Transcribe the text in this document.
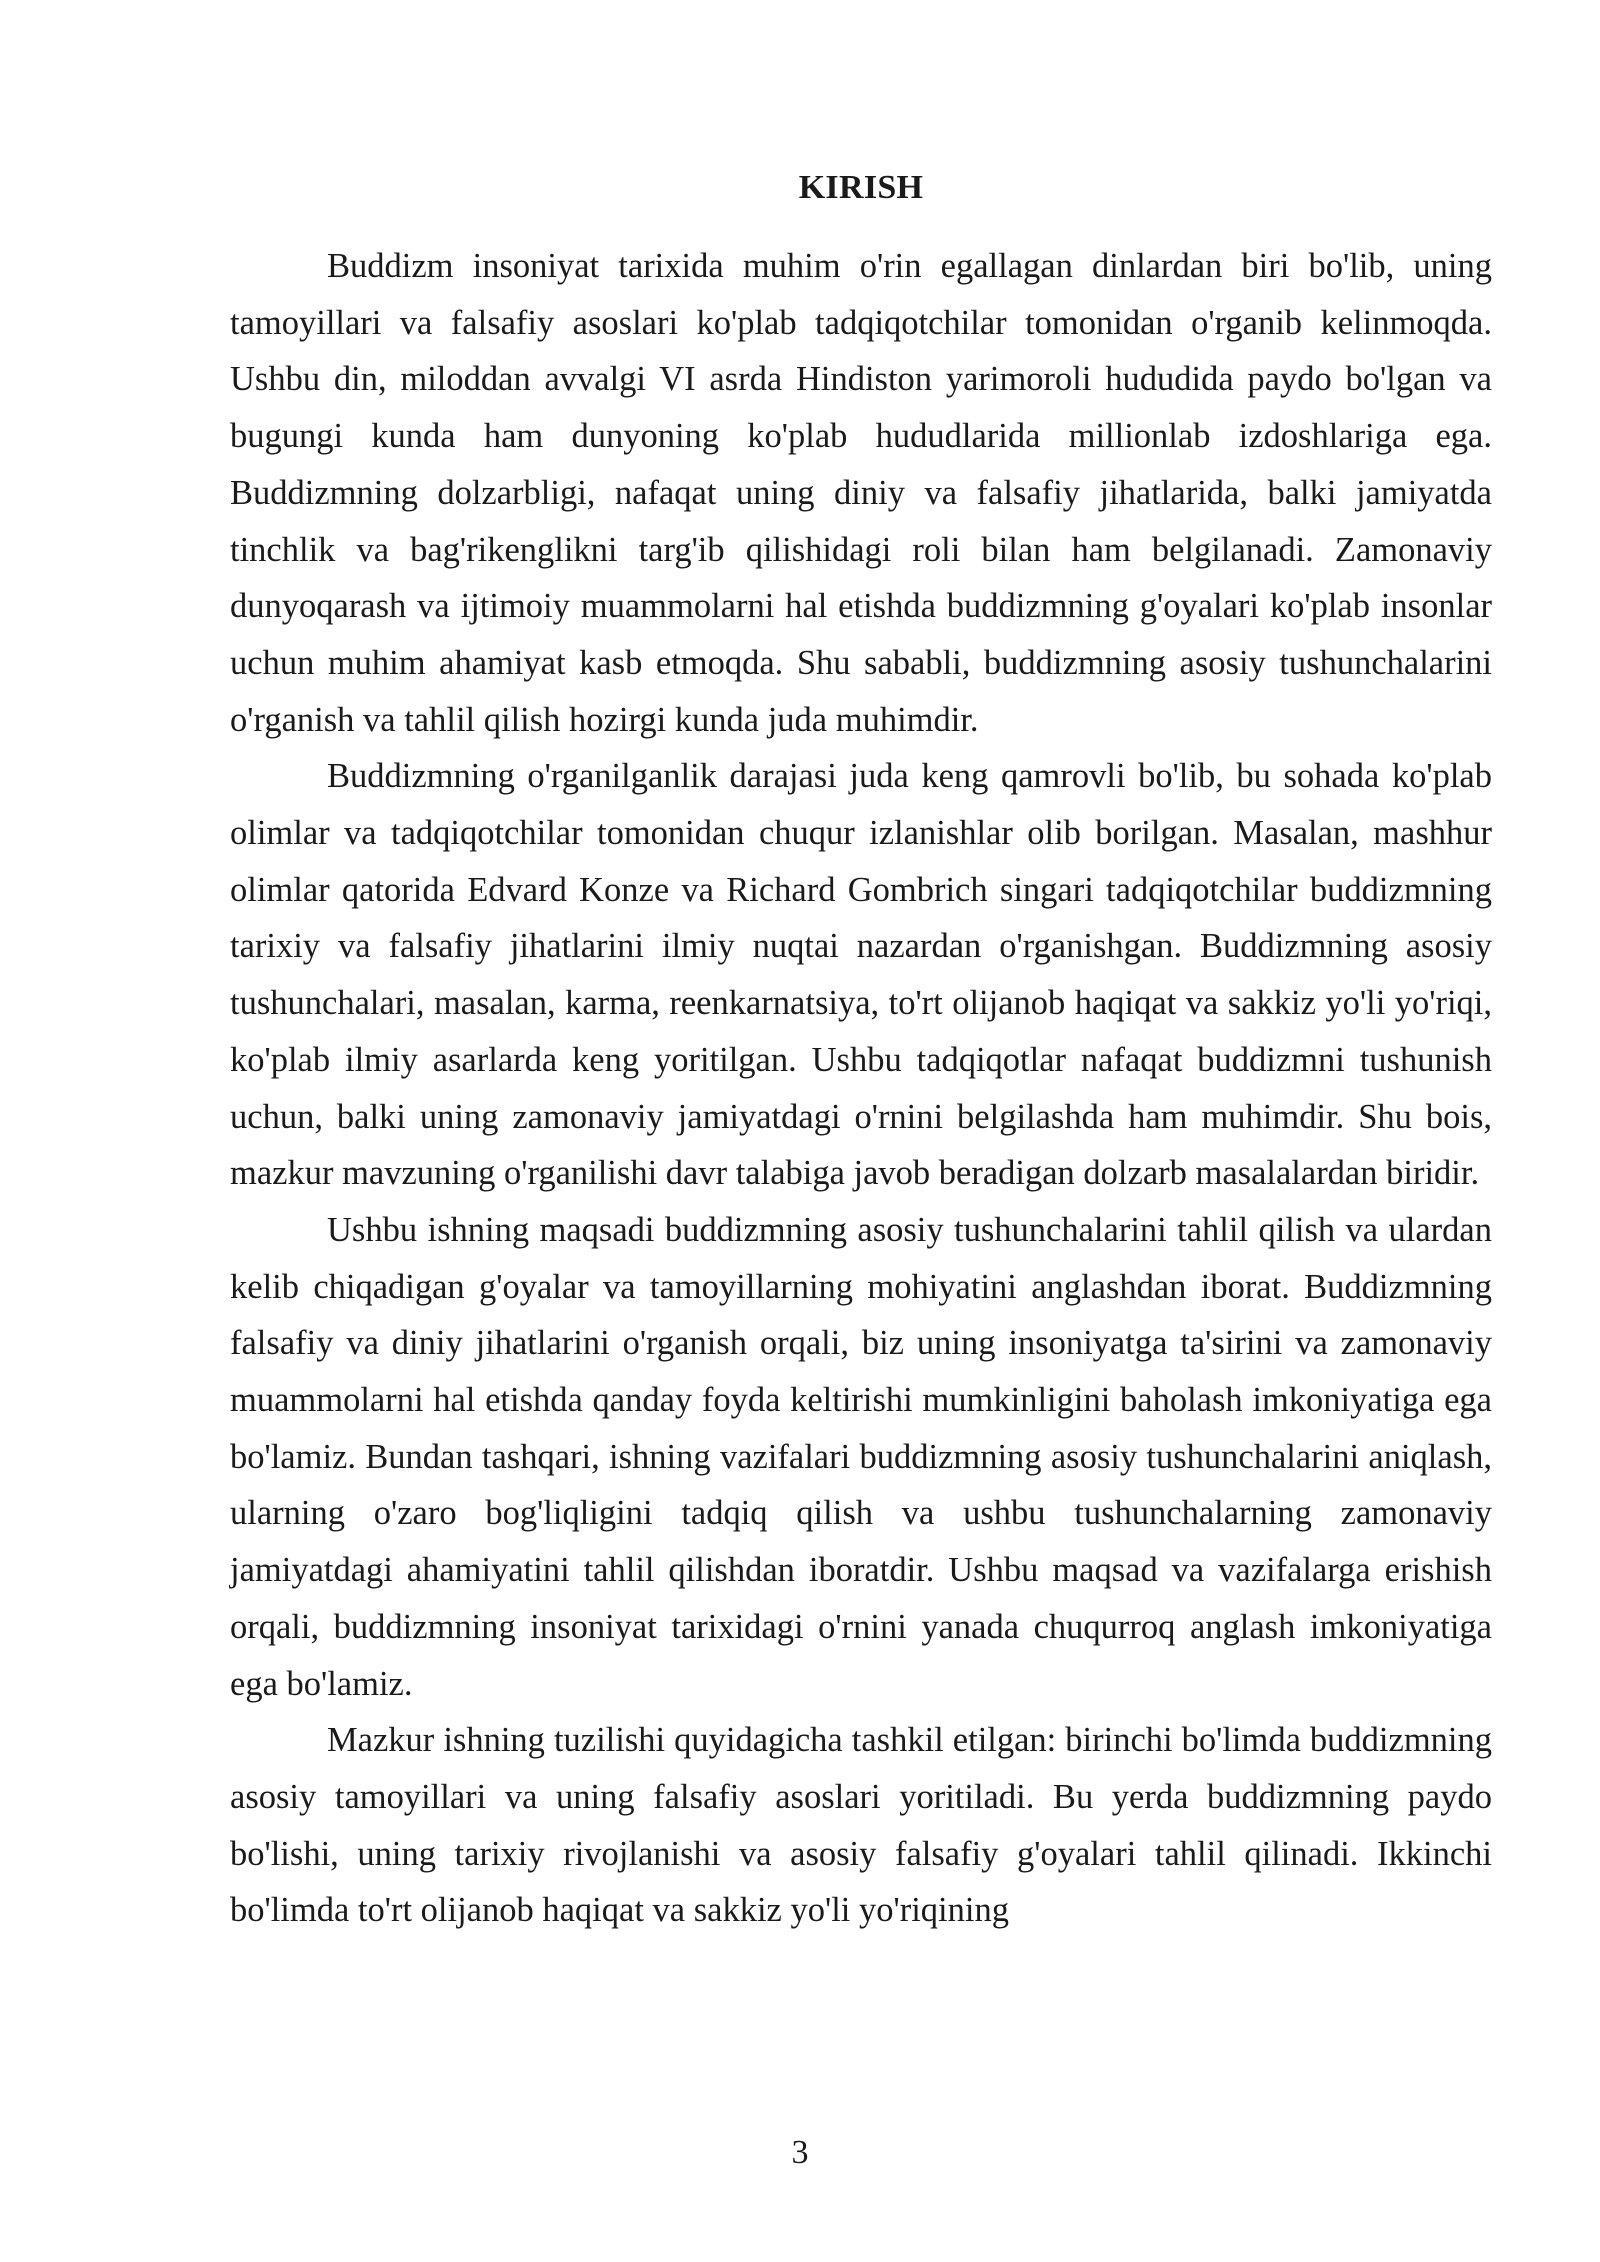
KIRISH

Buddizm insoniyat tarixida muhim o'rin egallagan dinlardan biri bo'lib, uning tamoyillari va falsafiy asoslari ko'plab tadqiqotchilar tomonidan o'rganib kelinmoqda. Ushbu din, miloddan avvalgi VI asrda Hindiston yarimoroli hududida paydo bo'lgan va bugungi kunda ham dunyoning ko'plab hududlarida millionlab izdoshlariga ega. Buddizmning dolzarbligi, nafaqat uning diniy va falsafiy jihatlarida, balki jamiyatda tinchlik va bag'rikenglikni targ'ib qilishidagi roli bilan ham belgilanadi. Zamonaviy dunyoqarash va ijtimoiy muammolarni hal etishda buddizmning g'oyalari ko'plab insonlar uchun muhim ahamiyat kasb etmoqda. Shu sababli, buddizmning asosiy tushunchalarini o'rganish va tahlil qilish hozirgi kunda juda muhimdir.

Buddizmning o'rganilganlik darajasi juda keng qamrovli bo'lib, bu sohada ko'plab olimlar va tadqiqotchilar tomonidan chuqur izlanishlar olib borilgan. Masalan, mashhur olimlar qatorida Edvard Konze va Richard Gombrich singari tadqiqotchilar buddizmning tarixiy va falsafiy jihatlarini ilmiy nuqtai nazardan o'rganishgan. Buddizmning asosiy tushunchalari, masalan, karma, reenkarnatsiya, to'rt olijanob haqiqat va sakkiz yo'li yo'riqi, ko'plab ilmiy asarlarda keng yoritilgan. Ushbu tadqiqotlar nafaqat buddizmni tushunish uchun, balki uning zamonaviy jamiyatdagi o'rnini belgilashda ham muhimdir. Shu bois, mazkur mavzuning o'rganilishi davr talabiga javob beradigan dolzarb masalalardan biridir.

Ushbu ishning maqsadi buddizmning asosiy tushunchalarini tahlil qilish va ulardan kelib chiqadigan g'oyalar va tamoyillarning mohiyatini anglashdan iborat. Buddizmning falsafiy va diniy jihatlarini o'rganish orqali, biz uning insoniyatga ta'sirini va zamonaviy muammolarni hal etishda qanday foyda keltirishi mumkinligini baholash imkoniyatiga ega bo'lamiz. Bundan tashqari, ishning vazifalari buddizmning asosiy tushunchalarini aniqlash, ularning o'zaro bog'liqligini tadqiq qilish va ushbu tushunchalarning zamonaviy jamiyatdagi ahamiyatini tahlil qilishdan iboratdir. Ushbu maqsad va vazifalarga erishish orqali, buddizmning insoniyat tarixidagi o'rnini yanada chuqurroq anglash imkoniyatiga ega bo'lamiz.

Mazkur ishning tuzilishi quyidagicha tashkil etilgan: birinchi bo'limda buddizmning asosiy tamoyillari va uning falsafiy asoslari yoritiladi. Bu yerda buddizmning paydo bo'lishi, uning tarixiy rivojlanishi va asosiy falsafiy g'oyalari tahlil qilinadi. Ikkinchi bo'limda to'rt olijanob haqiqat va sakkiz yo'li yo'riqining

3
